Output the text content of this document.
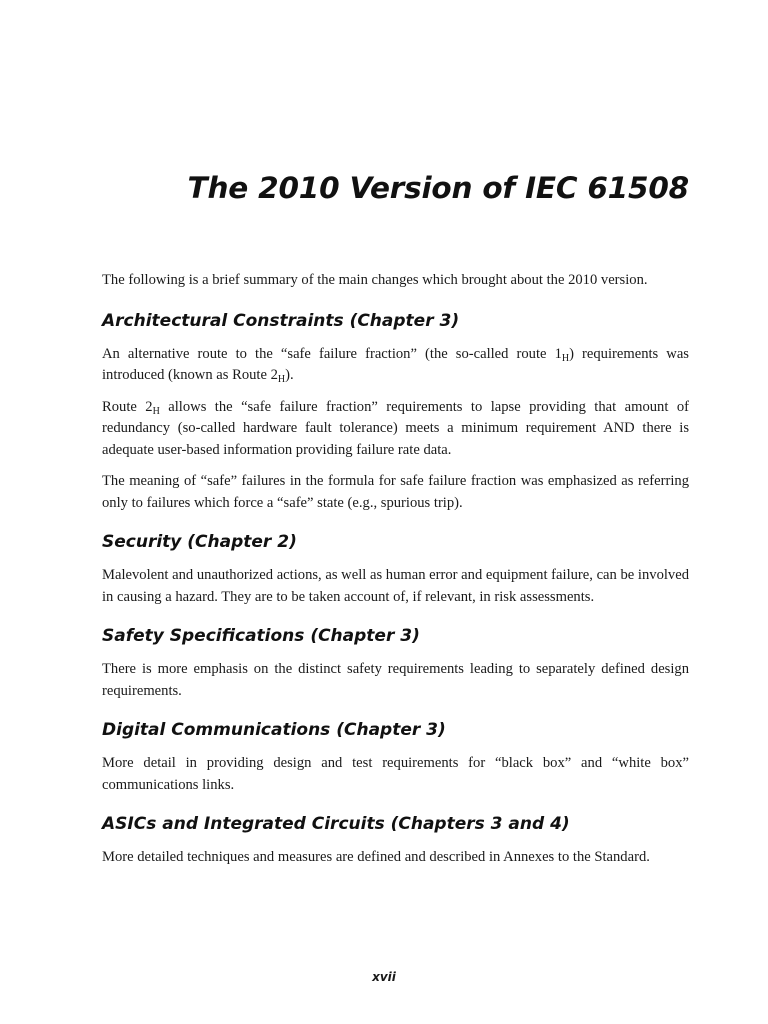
The 2010 Version of IEC 61508

The following is a brief summary of the main changes which brought about the 2010 version.

Architectural Constraints (Chapter 3)

An alternative route to the “safe failure fraction” (the so-called route $1_H$) requirements was introduced (known as Route $2_H$).

Route $2_H$ allows the “safe failure fraction” requirements to lapse providing that amount of redundancy (so-called hardware fault tolerance) meets a minimum requirement AND there is adequate user-based information providing failure rate data.

The meaning of “safe” failures in the formula for safe failure fraction was emphasized as referring only to failures which force a “safe” state (e.g., spurious trip).

Security (Chapter 2)

Malevolent and unauthorized actions, as well as human error and equipment failure, can be involved in causing a hazard. They are to be taken account of, if relevant, in risk assessments.

Safety Specifications (Chapter 3)

There is more emphasis on the distinct safety requirements leading to separately defined design requirements.

Digital Communications (Chapter 3)

More detail in providing design and test requirements for “black box” and “white box” communications links.

ASICs and Integrated Circuits (Chapters 3 and 4)

More detailed techniques and measures are defined and described in Annexes to the Standard.

xvii
